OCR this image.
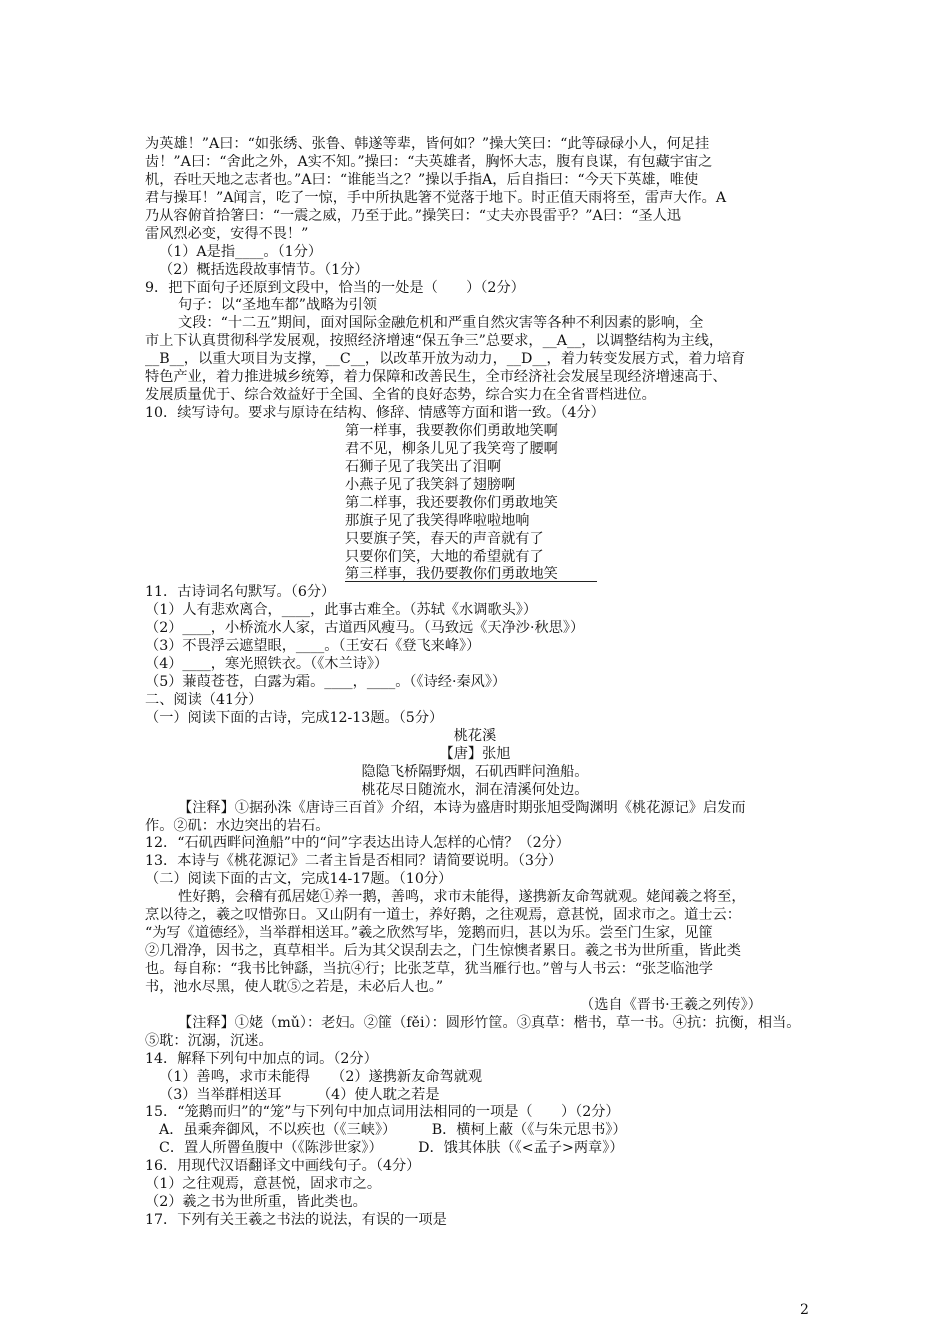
为英雄！”A曰：“如张绣、张鲁、韩遂等辈，皆何如？”操大笑曰：“此等碌碌小人，何足挂
齿！”A曰：“舍此之外，A实不知。”操曰：“夫英雄者，胸怀大志，腹有良谋，有包藏宇宙之
机，吞吐天地之志者也。”A曰：“谁能当之？”操以手指A，后自指曰：“今天下英雄，唯使
君与操耳！”A闻言，吃了一惊，手中所执匙箸不觉落于地下。时正值天雨将至，雷声大作。A
乃从容俯首拾箸曰：“一震之威，乃至于此。”操笑曰：“丈夫亦畏雷乎？”A曰：“圣人迅
雷风烈必变，安得不畏！”
（1）A是指____。（1分）
（2）概括选段故事情节。（1分）
9．把下面句子还原到文段中，恰当的一处是（　　）（2分）
句子：以“圣地车都”战略为引领
文段：“十二五”期间，面对国际金融危机和严重自然灾害等各种不利因素的影响，全
市上下认真贯彻科学发展观，按照经济增速“保五争三”总要求，__A__，以调整结构为主线，
__B__，以重大项目为支撑，__C__，以改革开放为动力，__D__，着力转变发展方式，着力培育
特色产业，着力推进城乡统筹，着力保障和改善民生，全市经济社会发展呈现经济增速高于、
发展质量优于、综合效益好于全国、全省的良好态势，综合实力在全省晋档进位。
10．续写诗句。要求与原诗在结构、修辞、情感等方面和谐一致。（4分）
第一样事，我要教你们勇敢地笑啊
君不见，柳条儿见了我笑弯了腰啊
石狮子见了我笑出了泪啊
小燕子见了我笑斜了翅膀啊
第二样事，我还要教你们勇敢地笑
那旗子见了我笑得哗啦啦地响
只要旗子笑，春天的声音就有了
只要你们笑，大地的希望就有了
第三样事，我仍要教你们勇敢地笑
11．古诗词名句默写。（6分）
（1）人有悲欢离合，____，此事古难全。（苏轼《水调歌头》）
（2）____，小桥流水人家，古道西风瘦马。（马致远《天净沙·秋思》）
（3）不畏浮云遮望眼，____。（王安石《登飞来峰》）
（4）____，寒光照铁衣。（《木兰诗》）
（5）蒹葭苍苍，白露为霜。____，____。（《诗经·秦风》）
二、阅读（41分）
（一）阅读下面的古诗，完成12-13题。（5分）
桃花溪
【唐】张旭
隐隐飞桥隔野烟，石矶西畔问渔船。
桃花尽日随流水，洞在清溪何处边。
【注释】①据孙洙《唐诗三百首》介绍，本诗为盛唐时期张旭受陶渊明《桃花源记》启发而
作。②矶：水边突出的岩石。
12．“石矶西畔问渔船”中的“问”字表达出诗人怎样的心情？（2分）
13．本诗与《桃花源记》二者主旨是否相同？请简要说明。（3分）
（二）阅读下面的古文，完成14-17题。（10分）
性好鹅，会稽有孤居姥①养一鹅，善鸣，求市未能得，遂携新友命驾就观。姥闻羲之将至，
烹以待之，羲之叹惜弥日。又山阴有一道士，养好鹅，之往观焉，意甚悦，固求市之。道士云：
“为写《道德经》，当举群相送耳。”羲之欣然写毕，笼鹅而归，甚以为乐。尝至门生家，见篚
②几滑净，因书之，真草相半。后为其父误刮去之，门生惊懊者累日。羲之书为世所重，皆此类
也。每自称：“我书比钟繇，当抗④行；比张芝草，犹当雁行也。”曾与人书云：“张芝临池学
书，池水尽黑，使人耽⑤之若是，未必后人也。”
（选自《晋书·王羲之列传》）
【注释】①姥（mǔ）：老妇。②篚（fěi）：圆形竹筐。③真草：楷书，草一书。④抗：抗衡，相当。
⑤耽：沉溺，沉迷。
14．解释下列句中加点的词。（2分）
（1）善鸣，求市未能得　　（2）遂携新友命驾就观
（3）当举群相送耳　　　（4）使人耽之若是
15．“笼鹅而归”的“笼”与下列句中加点词用法相同的一项是（　　）（2分）
A．虽乘奔御风，不以疾也（《三峡》）　　　B．横柯上蔽（《与朱元思书》）
C．置人所罾鱼腹中（《陈涉世家》）　　　D．饿其体肤（《<孟子>两章》）
16．用现代汉语翻译文中画线句子。（4分）
（1）之往观焉，意甚悦，固求市之。
（2）羲之书为世所重，皆此类也。
17．下列有关王羲之书法的说法，有误的一项是
2
